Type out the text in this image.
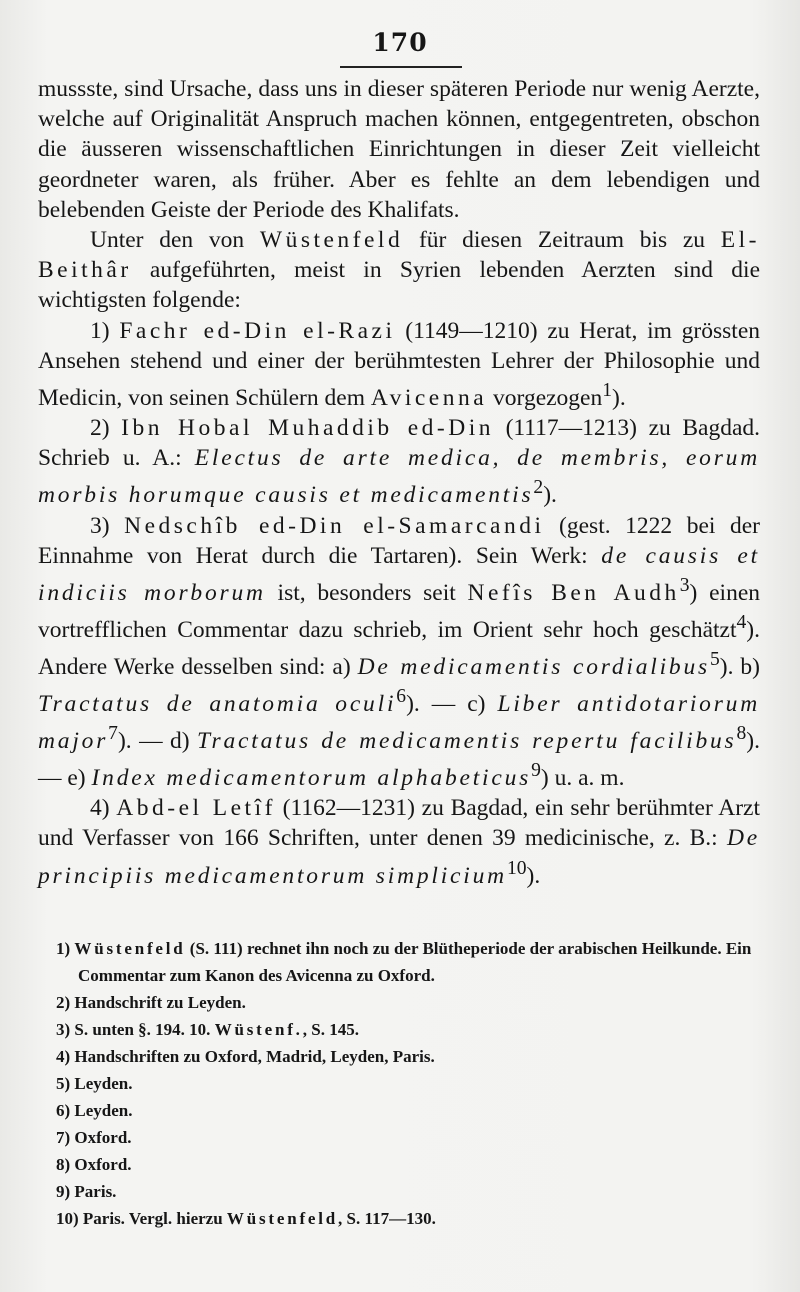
170

mussste, sind Ursache, dass uns in dieser späteren Periode nur wenig Aerzte, welche auf Originalität Anspruch machen können, entgegentreten, obschon die äusseren wissenschaftlichen Einrichtungen in dieser Zeit vielleicht geordneter waren, als früher. Aber es fehlte an dem lebendigen und belebenden Geiste der Periode des Khalifats.

Unter den von Wüstenfeld für diesen Zeitraum bis zu El-Beithâr aufgeführten, meist in Syrien lebenden Aerzten sind die wichtigsten folgende:

1) Fachr ed-Din el-Razi (1149—1210) zu Herat, im grössten Ansehen stehend und einer der berühmtesten Lehrer der Philosophie und Medicin, von seinen Schülern dem Avicenna vorgezogen$^1$).

2) Ibn Hobal Muhaddib ed-Din (1117—1213) zu Bagdad. Schrieb u. A.: Electus de arte medica, de membris, eorum morbis horumque causis et medicamentis$^2$).

3) Nedschîb ed-Din el-Samarcandi (gest. 1222 bei der Einnahme von Herat durch die Tartaren). Sein Werk: de causis et indiciis morborum ist, besonders seit Nefîs Ben Audh$^3$) einen vortrefflichen Commentar dazu schrieb, im Orient sehr hoch geschätzt$^4$). Andere Werke desselben sind: a) De medicamentis cordialibus$^5$). b) Tractatus de anatomia oculi$^6$). — c) Liber antidotariorum major$^7$). — d) Tractatus de medicamentis repertu facilibus$^8$). — e) Index medicamentorum alphabeticus$^9$) u. a. m.

4) Abd-el Letîf (1162—1231) zu Bagdad, ein sehr berühmter Arzt und Verfasser von 166 Schriften, unter denen 39 medicinische, z. B.: De principiis medicamentorum simplicium$^{10}$).

1) Wüstenfeld (S. 111) rechnet ihn noch zu der Blütheperiode der arabischen Heilkunde. Ein Commentar zum Kanon des Avicenna zu Oxford.
2) Handschrift zu Leyden.
3) S. unten §. 194. 10. Wüstenf., S. 145.
4) Handschriften zu Oxford, Madrid, Leyden, Paris.
5) Leyden.
6) Leyden.
7) Oxford.
8) Oxford.
9) Paris.
10) Paris. Vergl. hierzu Wüstenfeld, S. 117—130.
